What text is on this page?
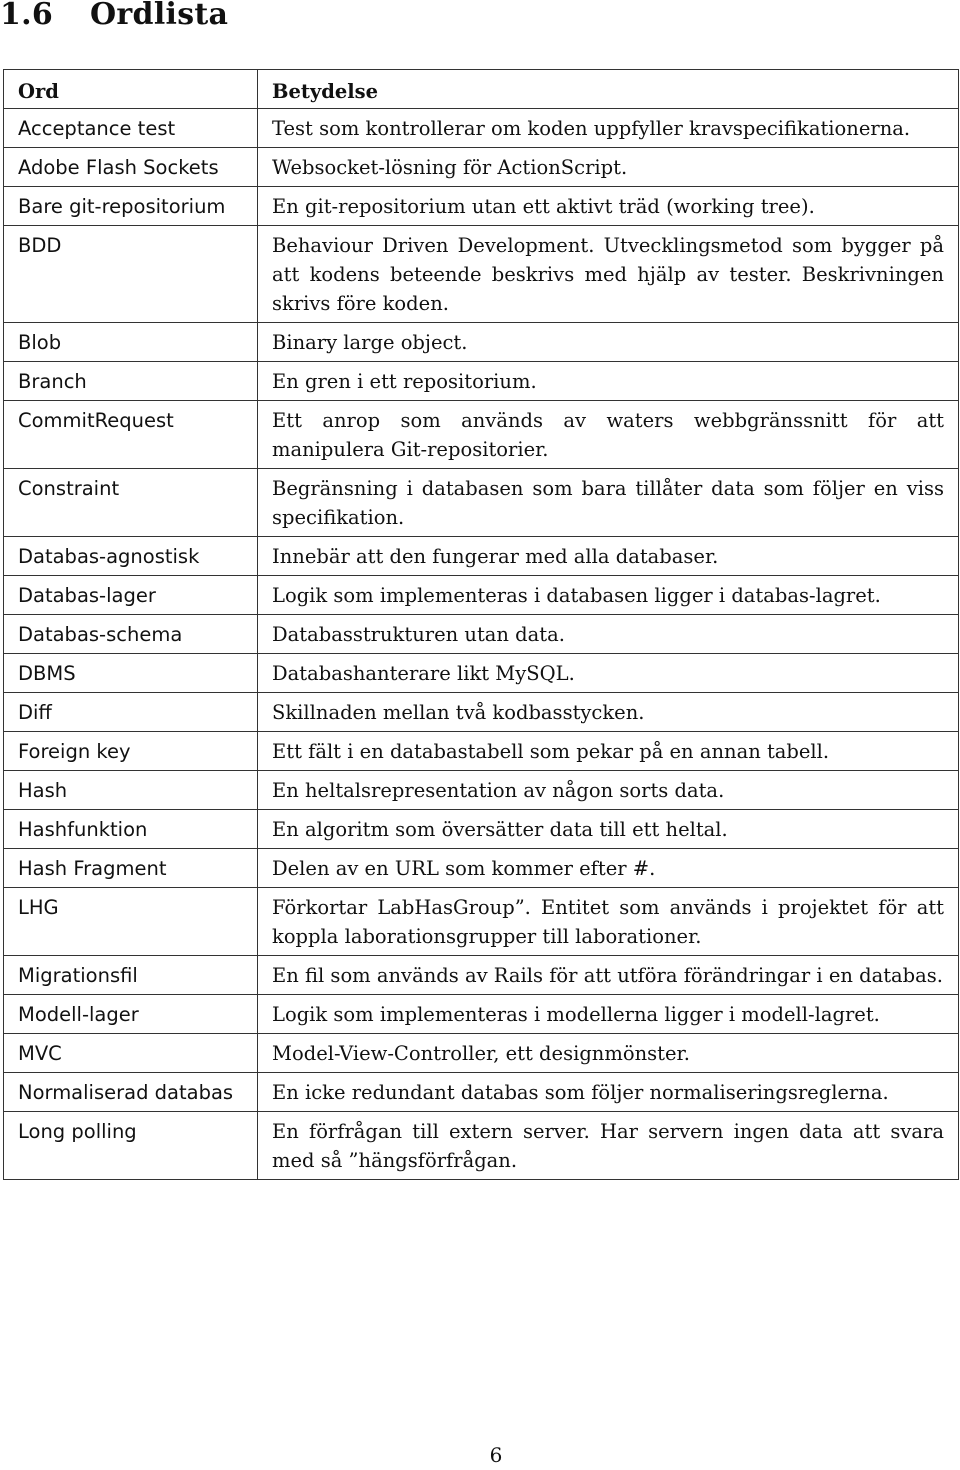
1.6 Ordlista
Ord	Betydelse
Acceptance test	Test som kontrollerar om koden uppfyller kravspecifikationerna.
Adobe Flash Sockets	Websocket-lösning för ActionScript.
Bare git-repositorium	En git-repositorium utan ett aktivt träd (working tree).
BDD	Behaviour Driven Development. Utvecklingsmetod som bygger på att kodens beteende beskrivs med hjälp av tester. Beskrivningen skrivs före koden.
Blob	Binary large object.
Branch	En gren i ett repositorium.
CommitRequest	Ett anrop som används av waters webbgränssnitt för att manipulera Git-repositorier.
Constraint	Begränsning i databasen som bara tillåter data som följer en viss specifikation.
Databas-agnostisk	Innebär att den fungerar med alla databaser.
Databas-lager	Logik som implementeras i databasen ligger i databas-lagret.
Databas-schema	Databasstrukturen utan data.
DBMS	Databashanterare likt MySQL.
Diff	Skillnaden mellan två kodbasstycken.
Foreign key	Ett fält i en databastabell som pekar på en annan tabell.
Hash	En heltalsrepresentation av någon sorts data.
Hashfunktion	En algoritm som översätter data till ett heltal.
Hash Fragment	Delen av en URL som kommer efter #.
LHG	Förkortar LabHasGroup”. Entitet som används i projektet för att koppla laborationsgrupper till laborationer.
Migrationsfil	En fil som används av Rails för att utföra förändringar i en databas.
Modell-lager	Logik som implementeras i modellerna ligger i modell-lagret.
MVC	Model-View-Controller, ett designmönster.
Normaliserad databas	En icke redundant databas som följer normaliseringsreglerna.
Long polling	En förfrågan till extern server. Har servern ingen data att svara med så ”hängsförfrågan.
6
